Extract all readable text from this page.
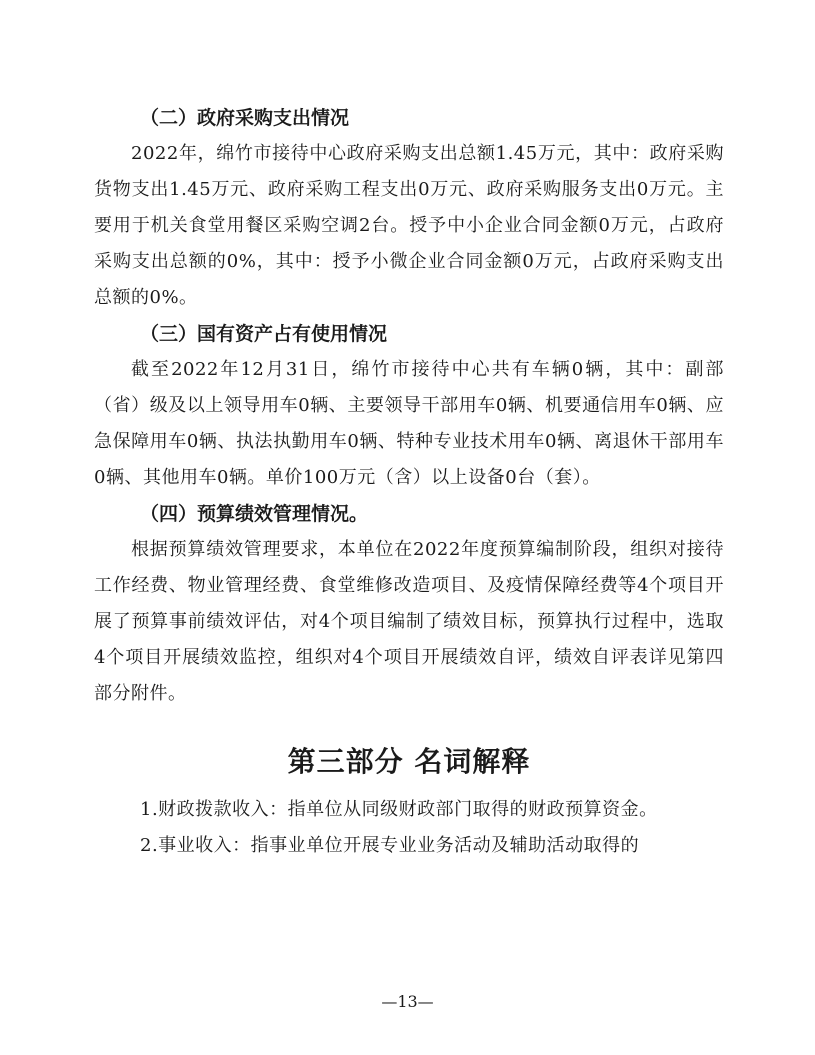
（二）政府采购支出情况

2022年，绵竹市接待中心政府采购支出总额1.45万元，其中：政府采购货物支出1.45万元、政府采购工程支出0万元、政府采购服务支出0万元。主要用于机关食堂用餐区采购空调2台。授予中小企业合同金额0万元，占政府采购支出总额的0%，其中：授予小微企业合同金额0万元，占政府采购支出总额的0%。

（三）国有资产占有使用情况

截至2022年12月31日，绵竹市接待中心共有车辆0辆，其中：副部（省）级及以上领导用车0辆、主要领导干部用车0辆、机要通信用车0辆、应急保障用车0辆、执法执勤用车0辆、特种专业技术用车0辆、离退休干部用车0辆、其他用车0辆。单价100万元（含）以上设备0台（套）。

（四）预算绩效管理情况。

根据预算绩效管理要求，本单位在2022年度预算编制阶段，组织对接待工作经费、物业管理经费、食堂维修改造项目、及疫情保障经费等4个项目开展了预算事前绩效评估，对4个项目编制了绩效目标，预算执行过程中，选取4个项目开展绩效监控，组织对4个项目开展绩效自评，绩效自评表详见第四部分附件。

第三部分 名词解释

1.财政拨款收入：指单位从同级财政部门取得的财政预算资金。

2.事业收入：指事业单位开展专业业务活动及辅助活动取得的

—13—
